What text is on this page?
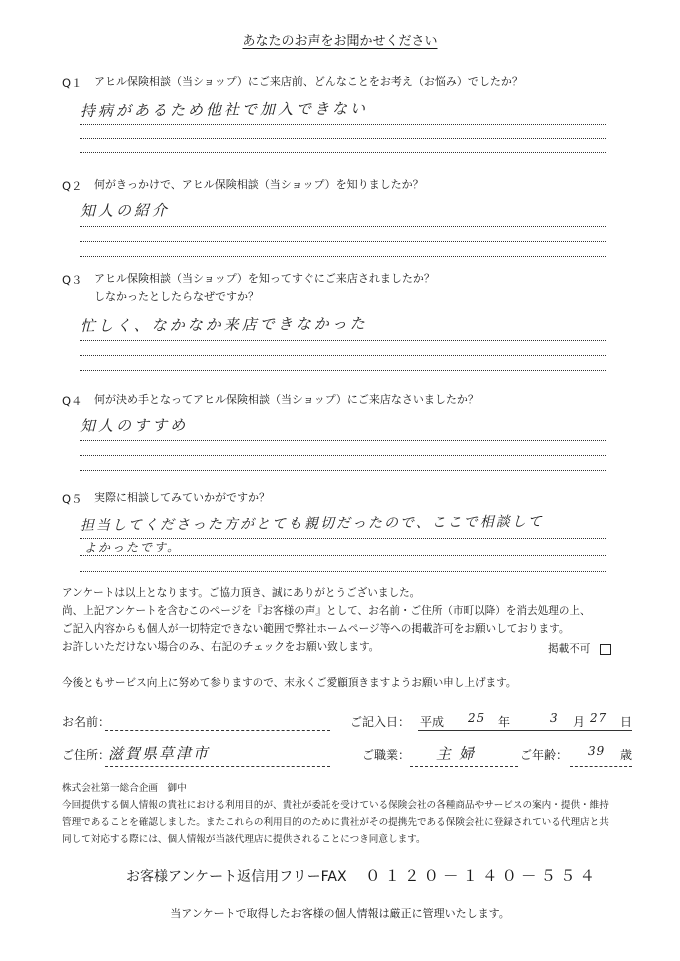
あなたのお声をお聞かせください
Q１ アヒル保険相談（当ショップ）にご来店前、どんなことをお考え（お悩み）でしたか？
持病があるため他社で加入できない
Q２ 何がきっかけで、アヒル保険相談（当ショップ）を知りましたか？
知人の紹介
Q３ アヒル保険相談（当ショップ）を知ってすぐにご来店されましたか？
しなかったとしたらなぜですか？
忙しく、なかなか来店できなかった
Q４ 何が決め手となってアヒル保険相談（当ショップ）にご来店なさいましたか？
知人のすすめ
Q５ 実際に相談してみていかがですか？
担当してくださった方がとても親切だったので、ここで相談して
よかったです。
アンケートは以上となります。ご協力頂き、誠にありがとうございました。
尚、上記アンケートを含むこのページを『お客様の声』として、お名前・ご住所（市町以降）を消去処理の上、
ご記入内容からも個人が一切特定できない範囲で弊社ホームページ等への掲載許可をお願いしております。
お許しいただけない場合のみ、右記のチェックをお願い致します。	掲載不可
今後ともサービス向上に努めて参りますので、末永くご愛顧頂きますようお願い申し上げます。
お名前：	ご記入日： 平成 25 年	3 月 27 日
ご住所：
滋賀県草津市	ご職業： 主婦	ご年齢： 39 歳
株式会社第一総合企画　御中
今回提供する個人情報の貴社における利用目的が、貴社が委託を受けている保険会社の各種商品やサービスの案内・提供・維持
管理であることを確認しました。またこれらの利用目的のために貴社がその提携先である保険会社に登録されている代理店と共
同して対応する際には、個人情報が当該代理店に提供されることにつき同意します。
お客様アンケート返信用フリーFAX ０１２０－１４０－５５４
当アンケートで取得したお客様の個人情報は厳正に管理いたします。
